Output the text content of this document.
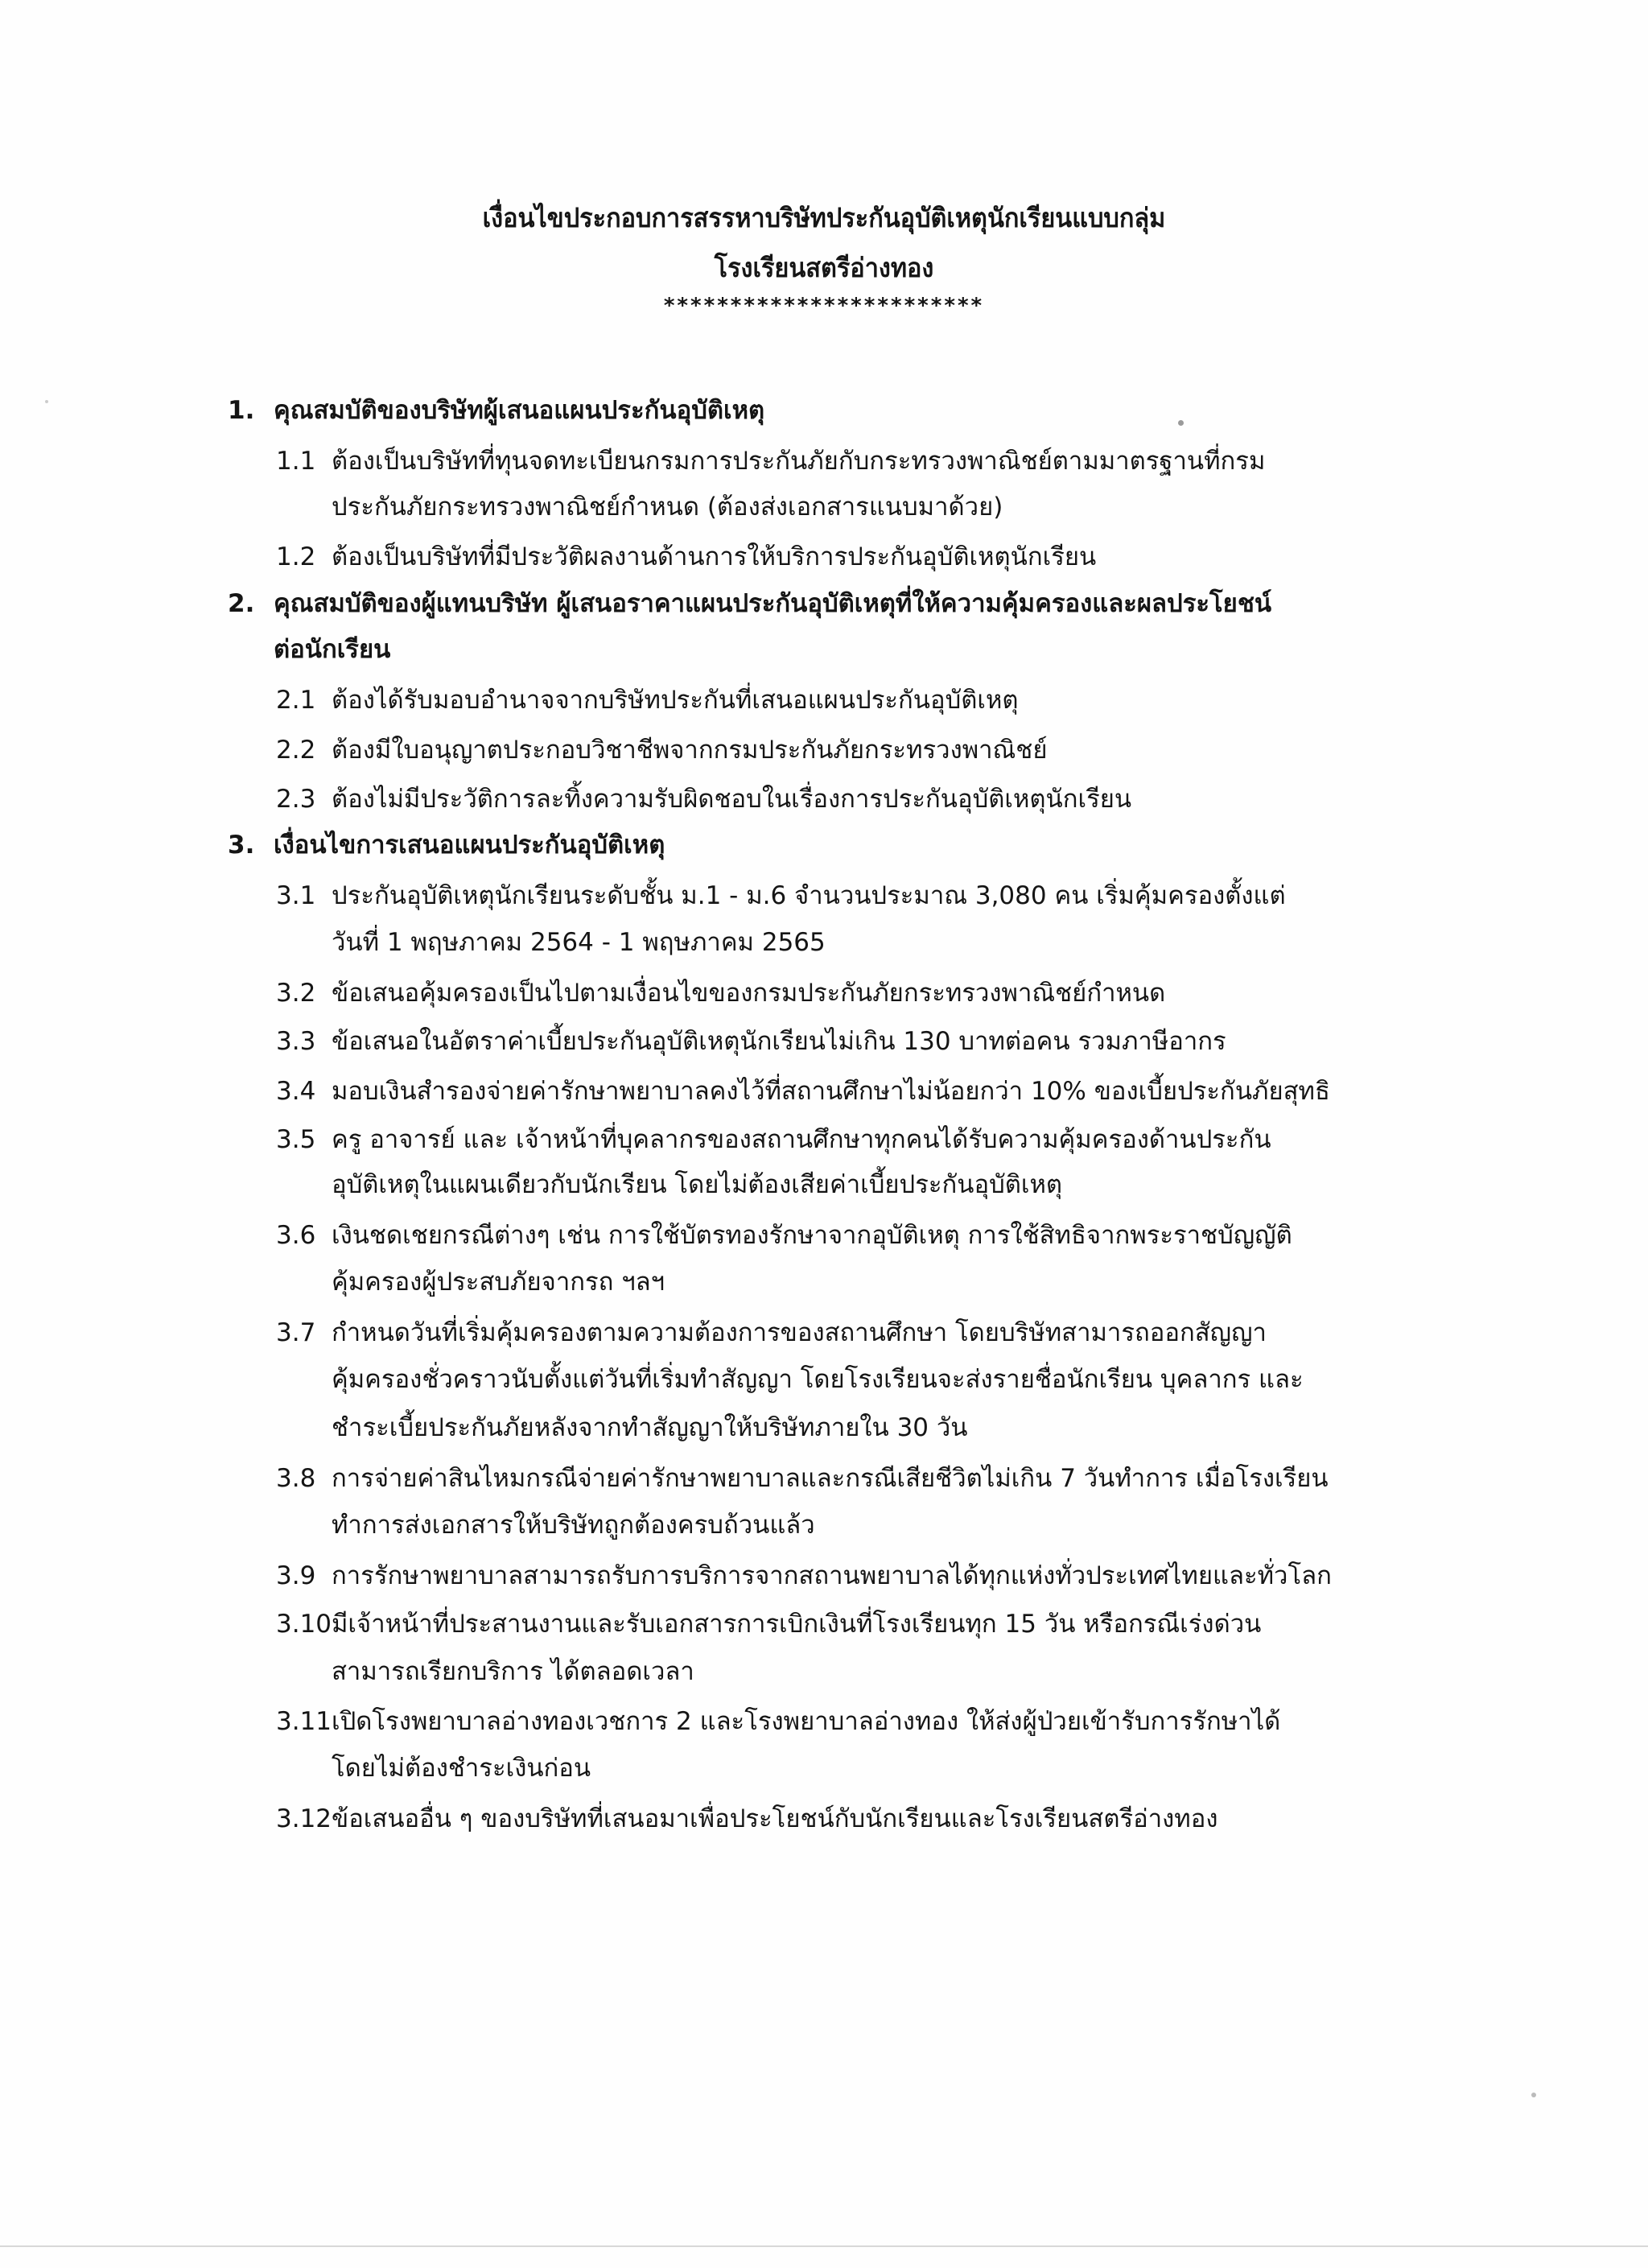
เงื่อนไขประกอบการสรรหาบริษัทประกันอุบัติเหตุนักเรียนแบบกลุ่ม
โรงเรียนสตรีอ่างทอง
************************
1. คุณสมบัติของบริษัทผู้เสนอแผนประกันอุบัติเหตุ
1.1 ต้องเป็นบริษัทที่ทุนจดทะเบียนกรมการประกันภัยกับกระทรวงพาณิชย์ตามมาตรฐานที่กรม
ประกันภัยกระทรวงพาณิชย์กำหนด (ต้องส่งเอกสารแนบมาด้วย)
1.2 ต้องเป็นบริษัทที่มีประวัติผลงานด้านการให้บริการประกันอุบัติเหตุนักเรียน
2. คุณสมบัติของผู้แทนบริษัท ผู้เสนอราคาแผนประกันอุบัติเหตุที่ให้ความคุ้มครองและผลประโยชน์
ต่อนักเรียน
2.1 ต้องได้รับมอบอำนาจจากบริษัทประกันที่เสนอแผนประกันอุบัติเหตุ
2.2 ต้องมีใบอนุญาตประกอบวิชาชีพจากกรมประกันภัยกระทรวงพาณิชย์
2.3 ต้องไม่มีประวัติการละทิ้งความรับผิดชอบในเรื่องการประกันอุบัติเหตุนักเรียน
3. เงื่อนไขการเสนอแผนประกันอุบัติเหตุ
3.1 ประกันอุบัติเหตุนักเรียนระดับชั้น ม.1 - ม.6 จำนวนประมาณ 3,080 คน เริ่มคุ้มครองตั้งแต่
วันที่ 1 พฤษภาคม 2564 - 1 พฤษภาคม 2565
3.2 ข้อเสนอคุ้มครองเป็นไปตามเงื่อนไขของกรมประกันภัยกระทรวงพาณิชย์กำหนด
3.3 ข้อเสนอในอัตราค่าเบี้ยประกันอุบัติเหตุนักเรียนไม่เกิน 130 บาทต่อคน รวมภาษีอากร
3.4 มอบเงินสำรองจ่ายค่ารักษาพยาบาลคงไว้ที่สถานศึกษาไม่น้อยกว่า 10% ของเบี้ยประกันภัยสุทธิ
3.5 ครู อาจารย์ และ เจ้าหน้าที่บุคลากรของสถานศึกษาทุกคนได้รับความคุ้มครองด้านประกัน
อุบัติเหตุในแผนเดียวกับนักเรียน โดยไม่ต้องเสียค่าเบี้ยประกันอุบัติเหตุ
3.6 เงินชดเชยกรณีต่างๆ เช่น การใช้บัตรทองรักษาจากอุบัติเหตุ การใช้สิทธิจากพระราชบัญญัติ
คุ้มครองผู้ประสบภัยจากรถ ฯลฯ
3.7 กำหนดวันที่เริ่มคุ้มครองตามความต้องการของสถานศึกษา โดยบริษัทสามารถออกสัญญา
คุ้มครองชั่วคราวนับตั้งแต่วันที่เริ่มทำสัญญา โดยโรงเรียนจะส่งรายชื่อนักเรียน บุคลากร และ
ชำระเบี้ยประกันภัยหลังจากทำสัญญาให้บริษัทภายใน 30 วัน
3.8 การจ่ายค่าสินไหมกรณีจ่ายค่ารักษาพยาบาลและกรณีเสียชีวิตไม่เกิน 7 วันทำการ เมื่อโรงเรียน
ทำการส่งเอกสารให้บริษัทถูกต้องครบถ้วนแล้ว
3.9 การรักษาพยาบาลสามารถรับการบริการจากสถานพยาบาลได้ทุกแห่งทั่วประเทศไทยและทั่วโลก
3.10 มีเจ้าหน้าที่ประสานงานและรับเอกสารการเบิกเงินที่โรงเรียนทุก 15 วัน หรือกรณีเร่งด่วน
สามารถเรียกบริการ ได้ตลอดเวลา
3.11 เปิดโรงพยาบาลอ่างทองเวชการ 2 และโรงพยาบาลอ่างทอง ให้ส่งผู้ป่วยเข้ารับการรักษาได้
โดยไม่ต้องชำระเงินก่อน
3.12 ข้อเสนออื่น ๆ ของบริษัทที่เสนอมาเพื่อประโยชน์กับนักเรียนและโรงเรียนสตรีอ่างทอง
